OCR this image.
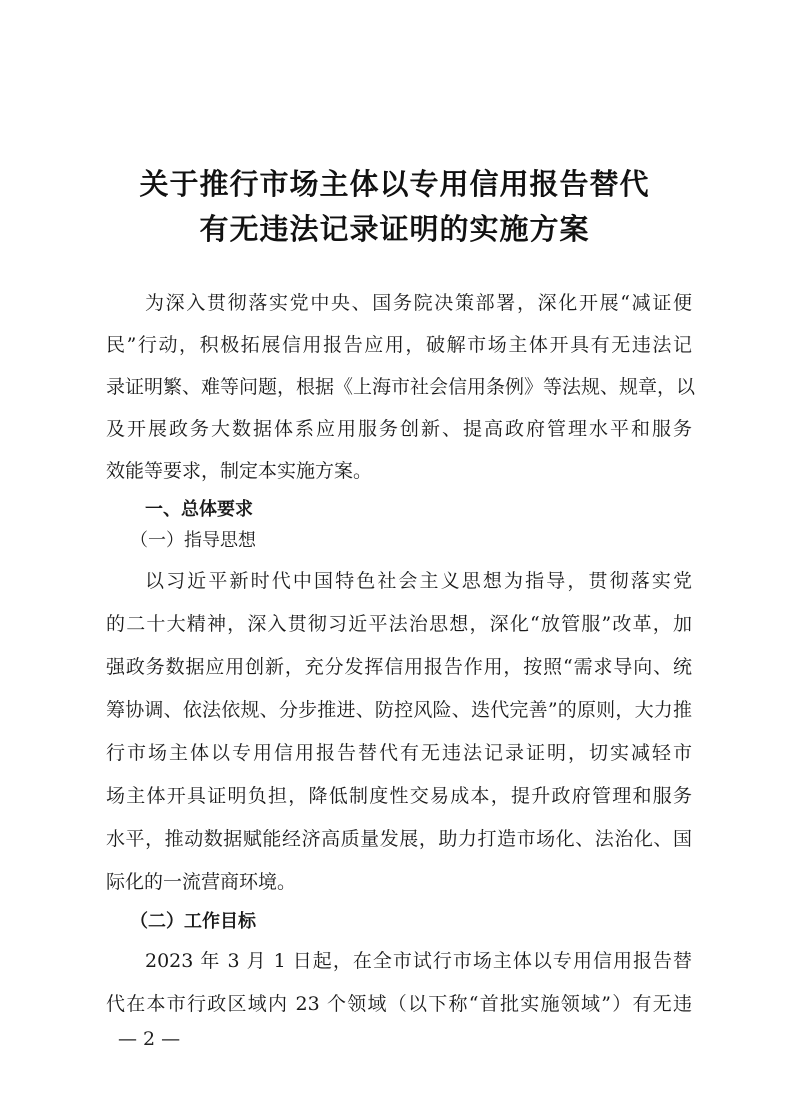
关于推行市场主体以专用信用报告替代
有无违法记录证明的实施方案
为深入贯彻落实党中央、国务院决策部署，深化开展“减证便
民”行动，积极拓展信用报告应用，破解市场主体开具有无违法记
录证明繁、难等问题，根据《上海市社会信用条例》等法规、规章，以
及开展政务大数据体系应用服务创新、提高政府管理水平和服务
效能等要求，制定本实施方案。
一、总体要求
（一）指导思想
以习近平新时代中国特色社会主义思想为指导，贯彻落实党
的二十大精神，深入贯彻习近平法治思想，深化“放管服”改革，加
强政务数据应用创新，充分发挥信用报告作用，按照“需求导向、统
筹协调、依法依规、分步推进、防控风险、迭代完善”的原则，大力推
行市场主体以专用信用报告替代有无违法记录证明，切实减轻市
场主体开具证明负担，降低制度性交易成本，提升政府管理和服务
水平，推动数据赋能经济高质量发展，助力打造市场化、法治化、国
际化的一流营商环境。
（二）工作目标
2023 年 3 月 1 日起，在全市试行市场主体以专用信用报告替
代在本市行政区域内 23 个领域（以下称“首批实施领域”）有无违
— 2 —
